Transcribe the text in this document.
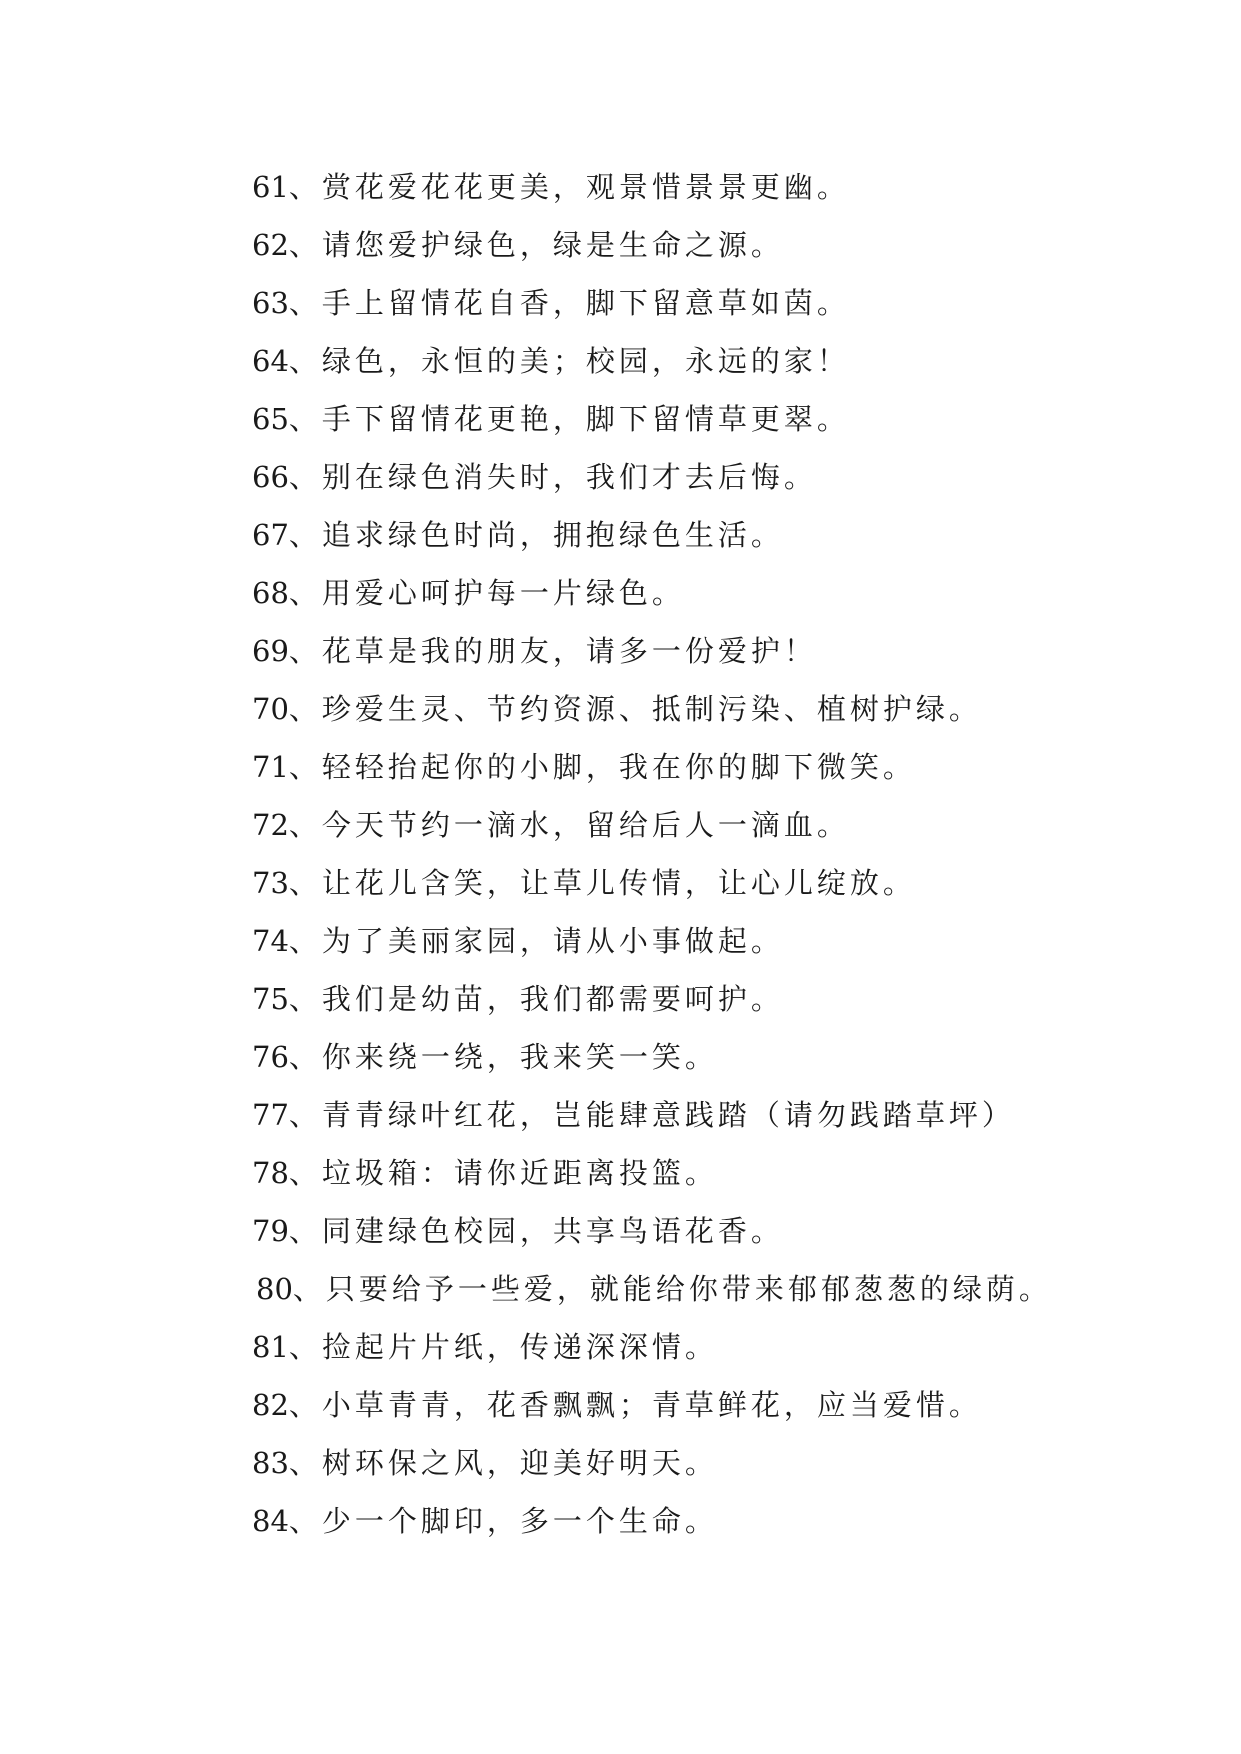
61、赏花爱花花更美，观景惜景景更幽。
62、请您爱护绿色，绿是生命之源。
63、手上留情花自香，脚下留意草如茵。
64、绿色，永恒的美；校园，永远的家！
65、手下留情花更艳，脚下留情草更翠。
66、别在绿色消失时，我们才去后悔。
67、追求绿色时尚，拥抱绿色生活。
68、用爱心呵护每一片绿色。
69、花草是我的朋友，请多一份爱护！
70、珍爱生灵、节约资源、抵制污染、植树护绿。
71、轻轻抬起你的小脚，我在你的脚下微笑。
72、今天节约一滴水，留给后人一滴血。
73、让花儿含笑，让草儿传情，让心儿绽放。
74、为了美丽家园，请从小事做起。
75、我们是幼苗，我们都需要呵护。
76、你来绕一绕，我来笑一笑。
77、青青绿叶红花，岂能肆意践踏（请勿践踏草坪）
78、垃圾箱：请你近距离投篮。
79、同建绿色校园，共享鸟语花香。
80、只要给予一些爱，就能给你带来郁郁葱葱的绿荫。
81、捡起片片纸，传递深深情。
82、小草青青，花香飘飘；青草鲜花，应当爱惜。
83、树环保之风，迎美好明天。
84、少一个脚印，多一个生命。
